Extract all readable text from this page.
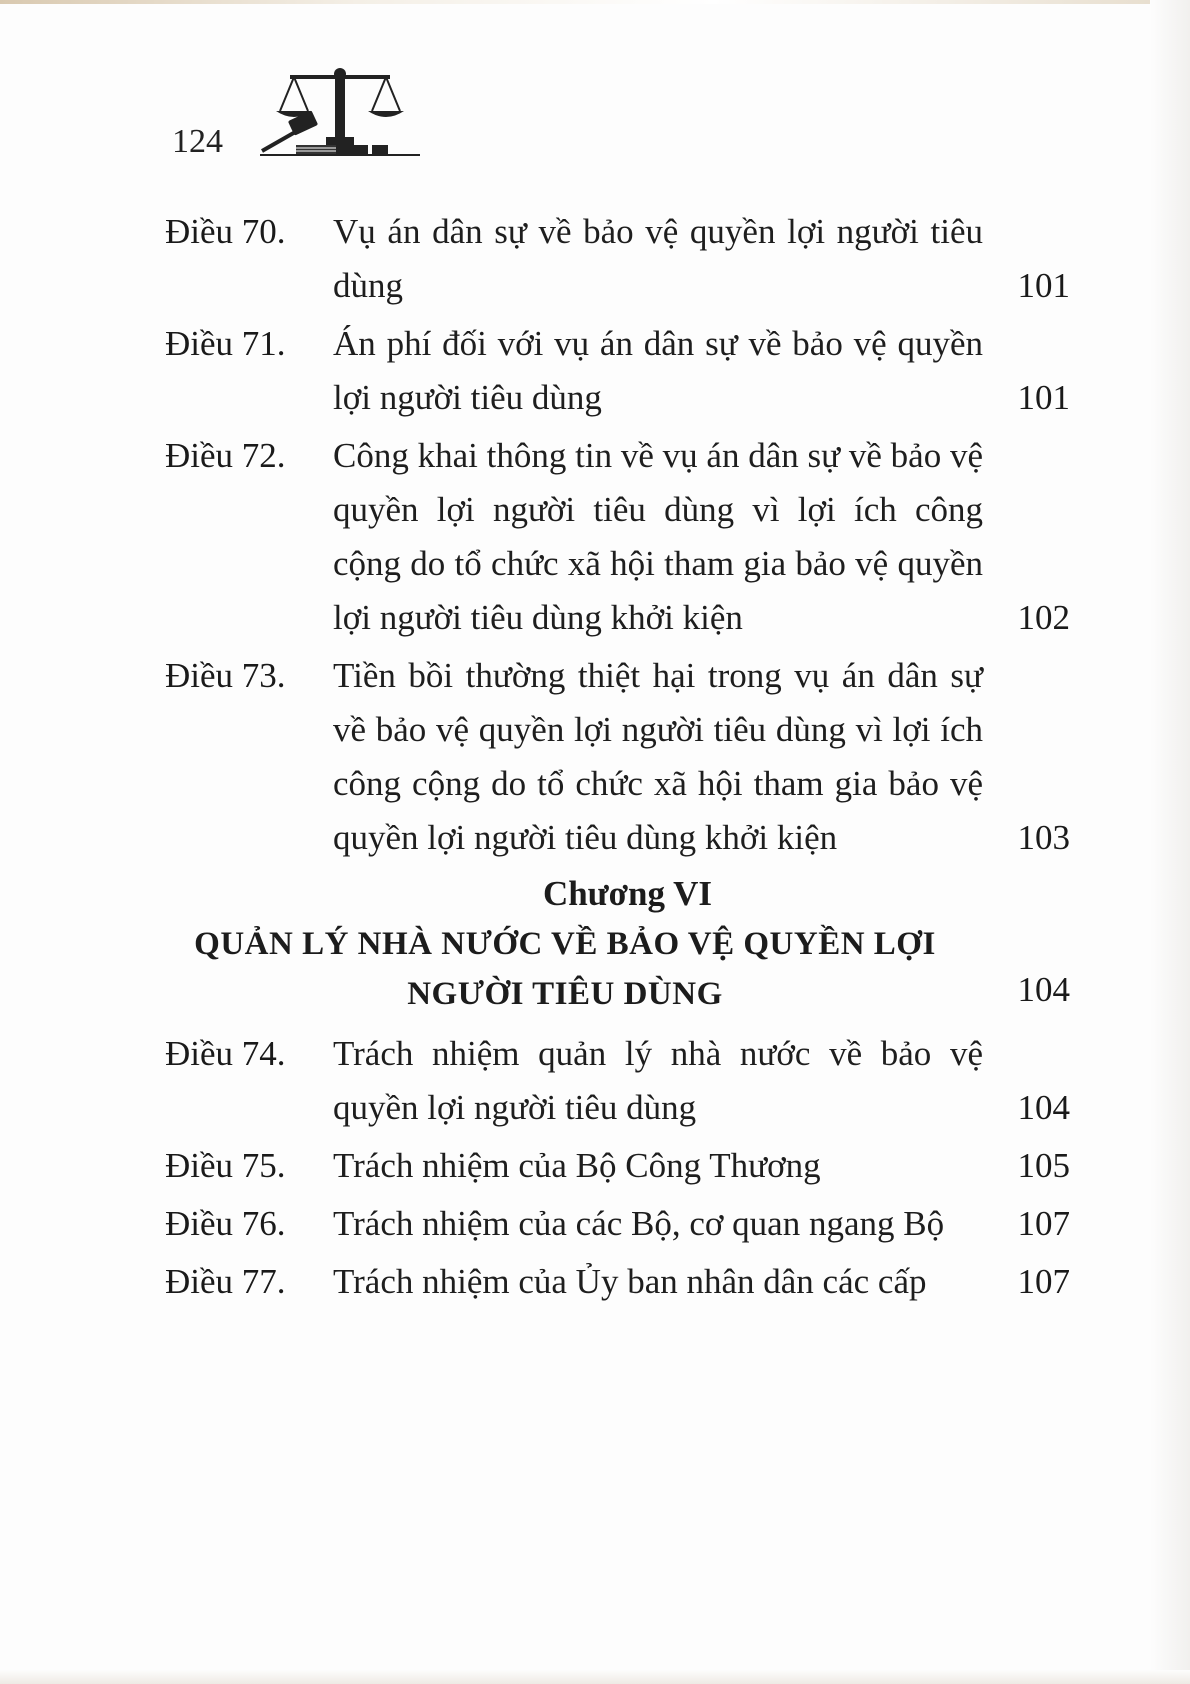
124
Điều 70.	Vụ án dân sự về bảo vệ quyền lợi người tiêu dùng	101
Điều 71.	Án phí đối với vụ án dân sự về bảo vệ quyền lợi người tiêu dùng	101
Điều 72.	Công khai thông tin về vụ án dân sự về bảo vệ quyền lợi người tiêu dùng vì lợi ích công cộng do tổ chức xã hội tham gia bảo vệ quyền lợi người tiêu dùng khởi kiện	102
Điều 73.	Tiền bồi thường thiệt hại trong vụ án dân sự về bảo vệ quyền lợi người tiêu dùng vì lợi ích công cộng do tổ chức xã hội tham gia bảo vệ quyền lợi người tiêu dùng khởi kiện	103
Chương VI
QUẢN LÝ NHÀ NƯỚC VỀ BẢO VỆ QUYỀN LỢI NGƯỜI TIÊU DÙNG	104
Điều 74.	Trách nhiệm quản lý nhà nước về bảo vệ quyền lợi người tiêu dùng	104
Điều 75.	Trách nhiệm của Bộ Công Thương	105
Điều 76.	Trách nhiệm của các Bộ, cơ quan ngang Bộ	107
Điều 77.	Trách nhiệm của Ủy ban nhân dân các cấp	107
